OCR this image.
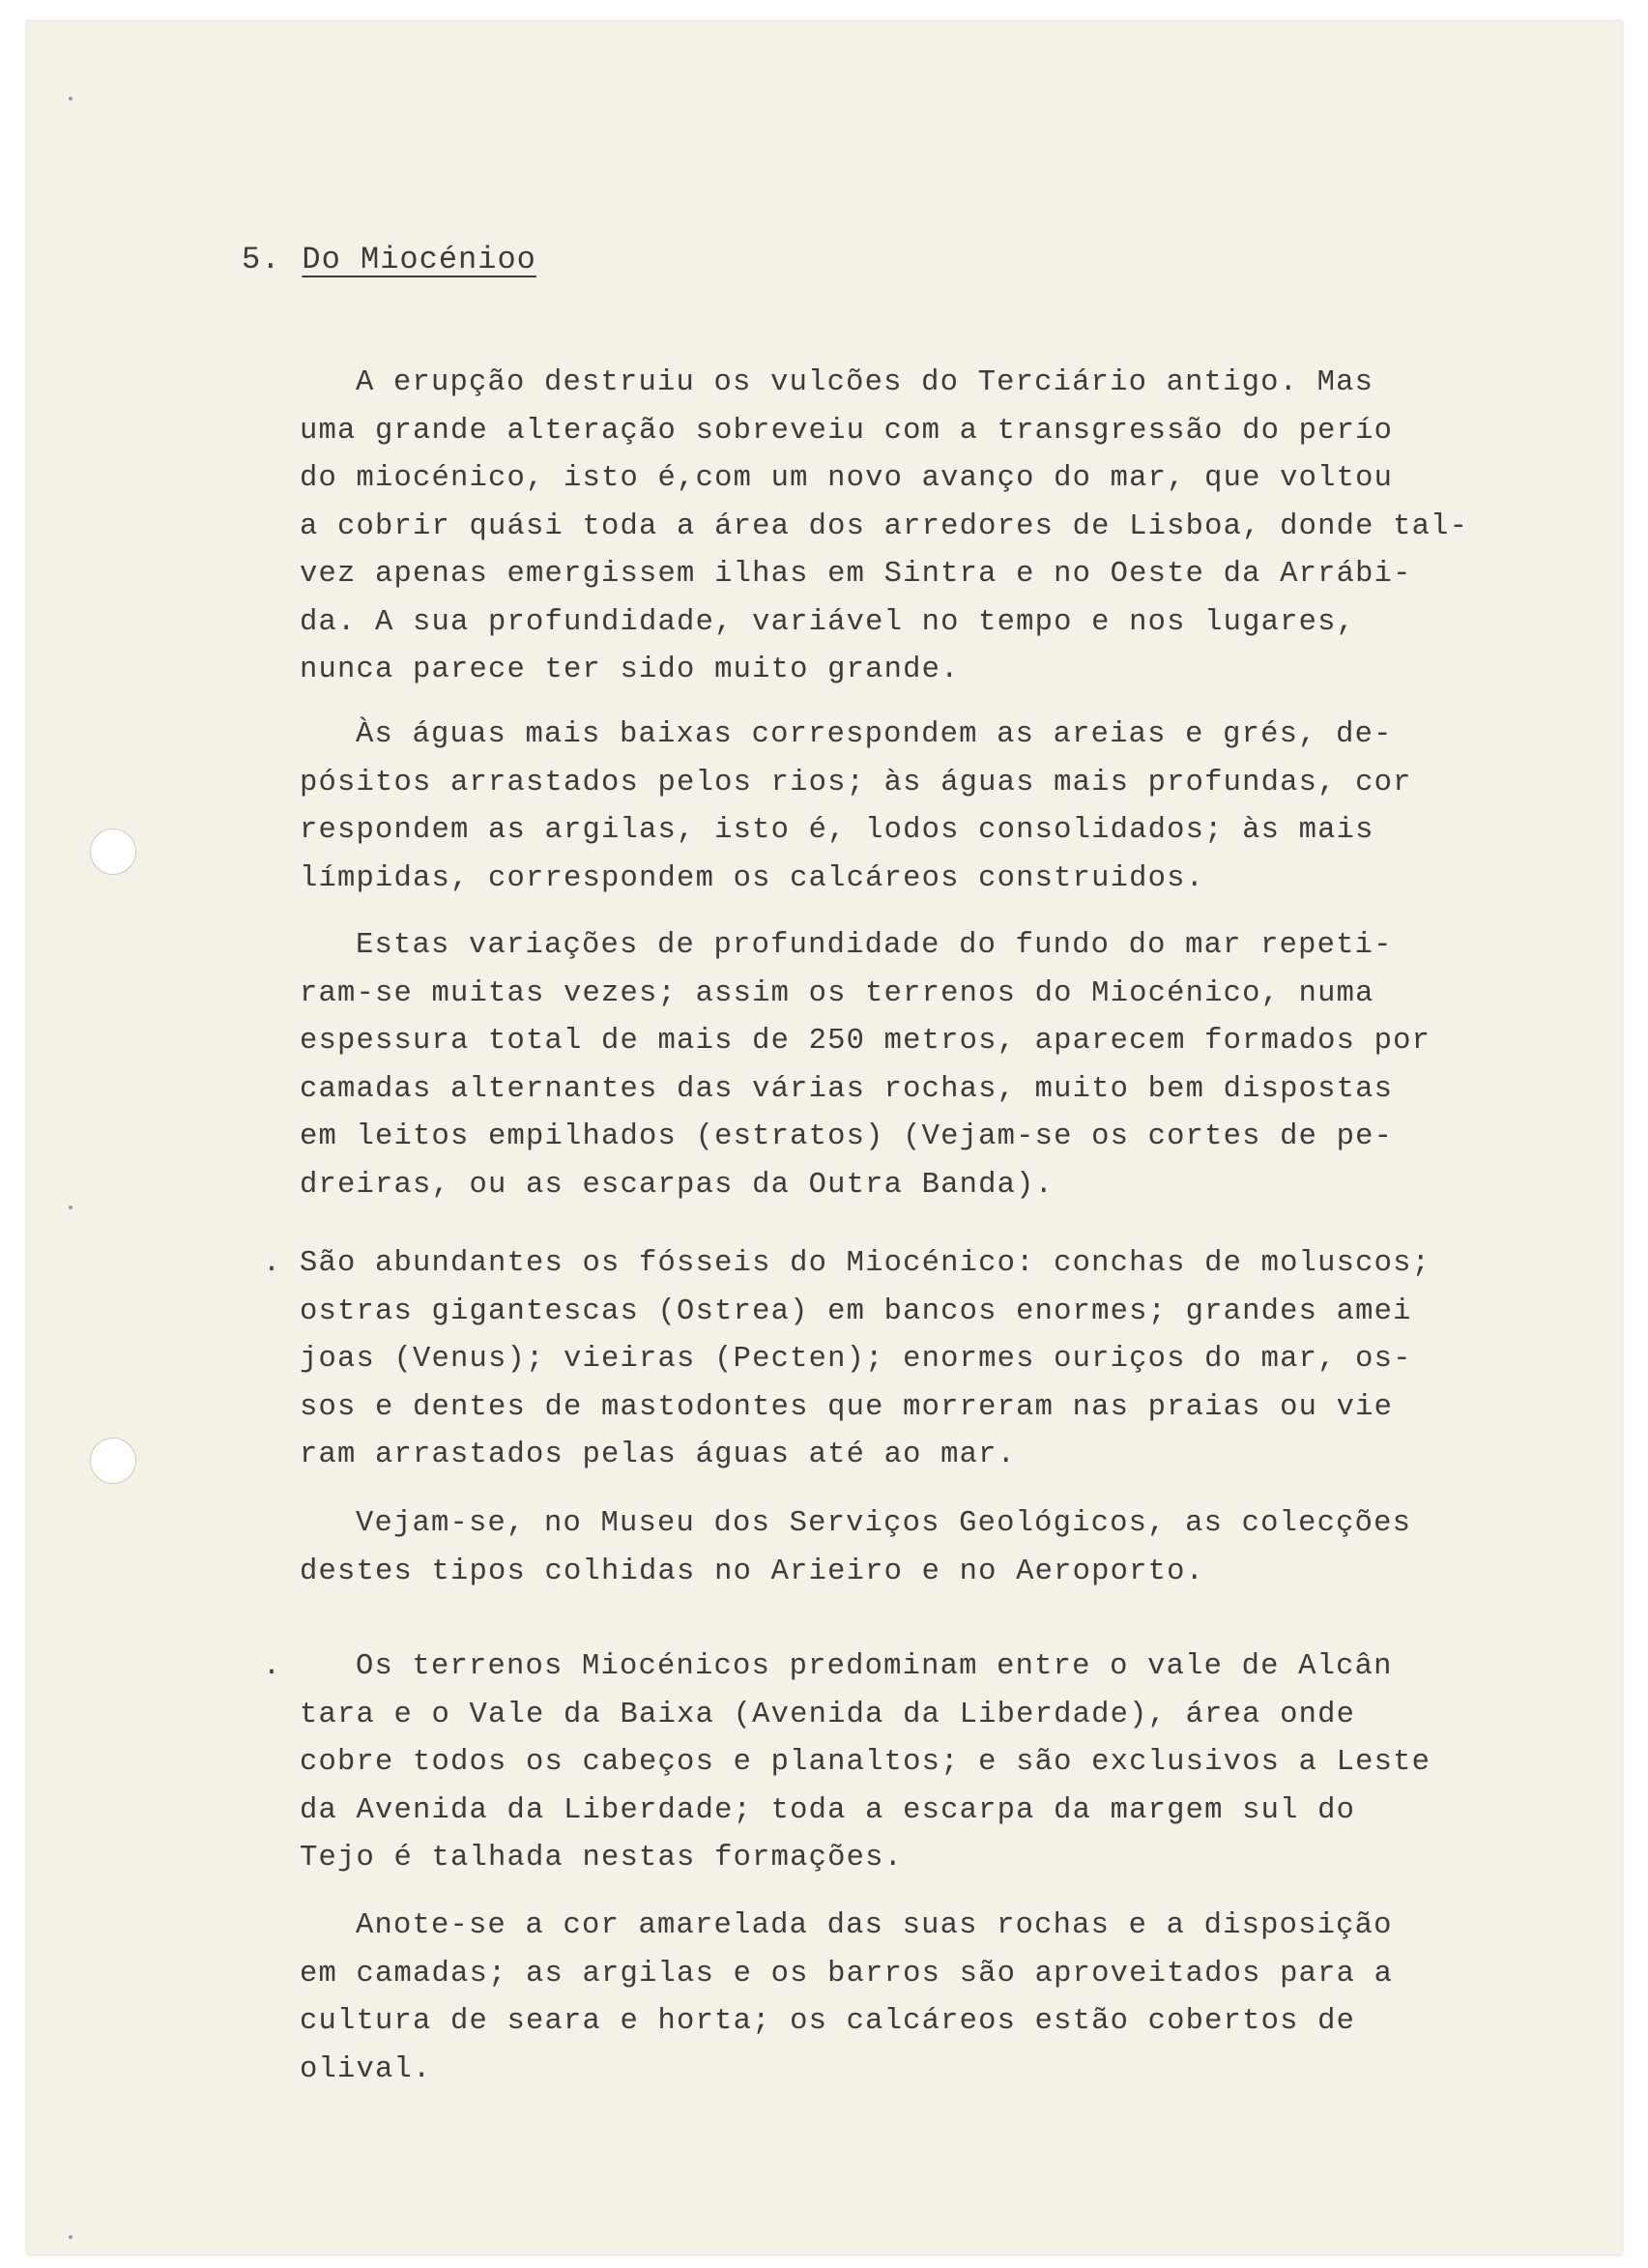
5. Do Miocénioo
A erupção destruiu os vulcões do Terciário antigo. Mas
uma grande alteração sobreveiu com a transgressão do perío
do miocénico, isto é,com um novo avanço do mar, que voltou
a cobrir quási toda a área dos arredores de Lisboa, donde tal-
vez apenas emergissem ilhas em Sintra e no Oeste da Arrábi-
da. A sua profundidade, variável no tempo e nos lugares,
nunca parece ter sido muito grande.
Às águas mais baixas correspondem as areias e grés, de-
pósitos arrastados pelos rios; às águas mais profundas, cor
respondem as argilas, isto é, lodos consolidados; às mais
límpidas, correspondem os calcáreos construidos.
Estas variações de profundidade do fundo do mar repeti-
ram-se muitas vezes; assim os terrenos do Miocénico, numa
espessura total de mais de 250 metros, aparecem formados por
camadas alternantes das várias rochas, muito bem dispostas
em leitos empilhados (estratos) (Vejam-se os cortes de pe-
dreiras, ou as escarpas da Outra Banda).
. São abundantes os fósseis do Miocénico: conchas de moluscos;
ostras gigantescas (Ostrea) em bancos enormes; grandes amei
joas (Venus); vieiras (Pecten); enormes ouriços do mar, os-
sos e dentes de mastodontes que morreram nas praias ou vie
ram arrastados pelas águas até ao mar.
Vejam-se, no Museu dos Serviços Geológicos, as colecções
destes tipos colhidas no Arieiro e no Aeroporto.
.	Os terrenos Miocénicos predominam entre o vale de Alcân
tara e o Vale da Baixa (Avenida da Liberdade), área onde
cobre todos os cabeços e planaltos; e são exclusivos a Leste
da Avenida da Liberdade; toda a escarpa da margem sul do
Tejo é talhada nestas formações.
Anote-se a cor amarelada das suas rochas e a disposição
em camadas; as argilas e os barros são aproveitados para a
cultura de seara e horta; os calcáreos estão cobertos de
olival.
